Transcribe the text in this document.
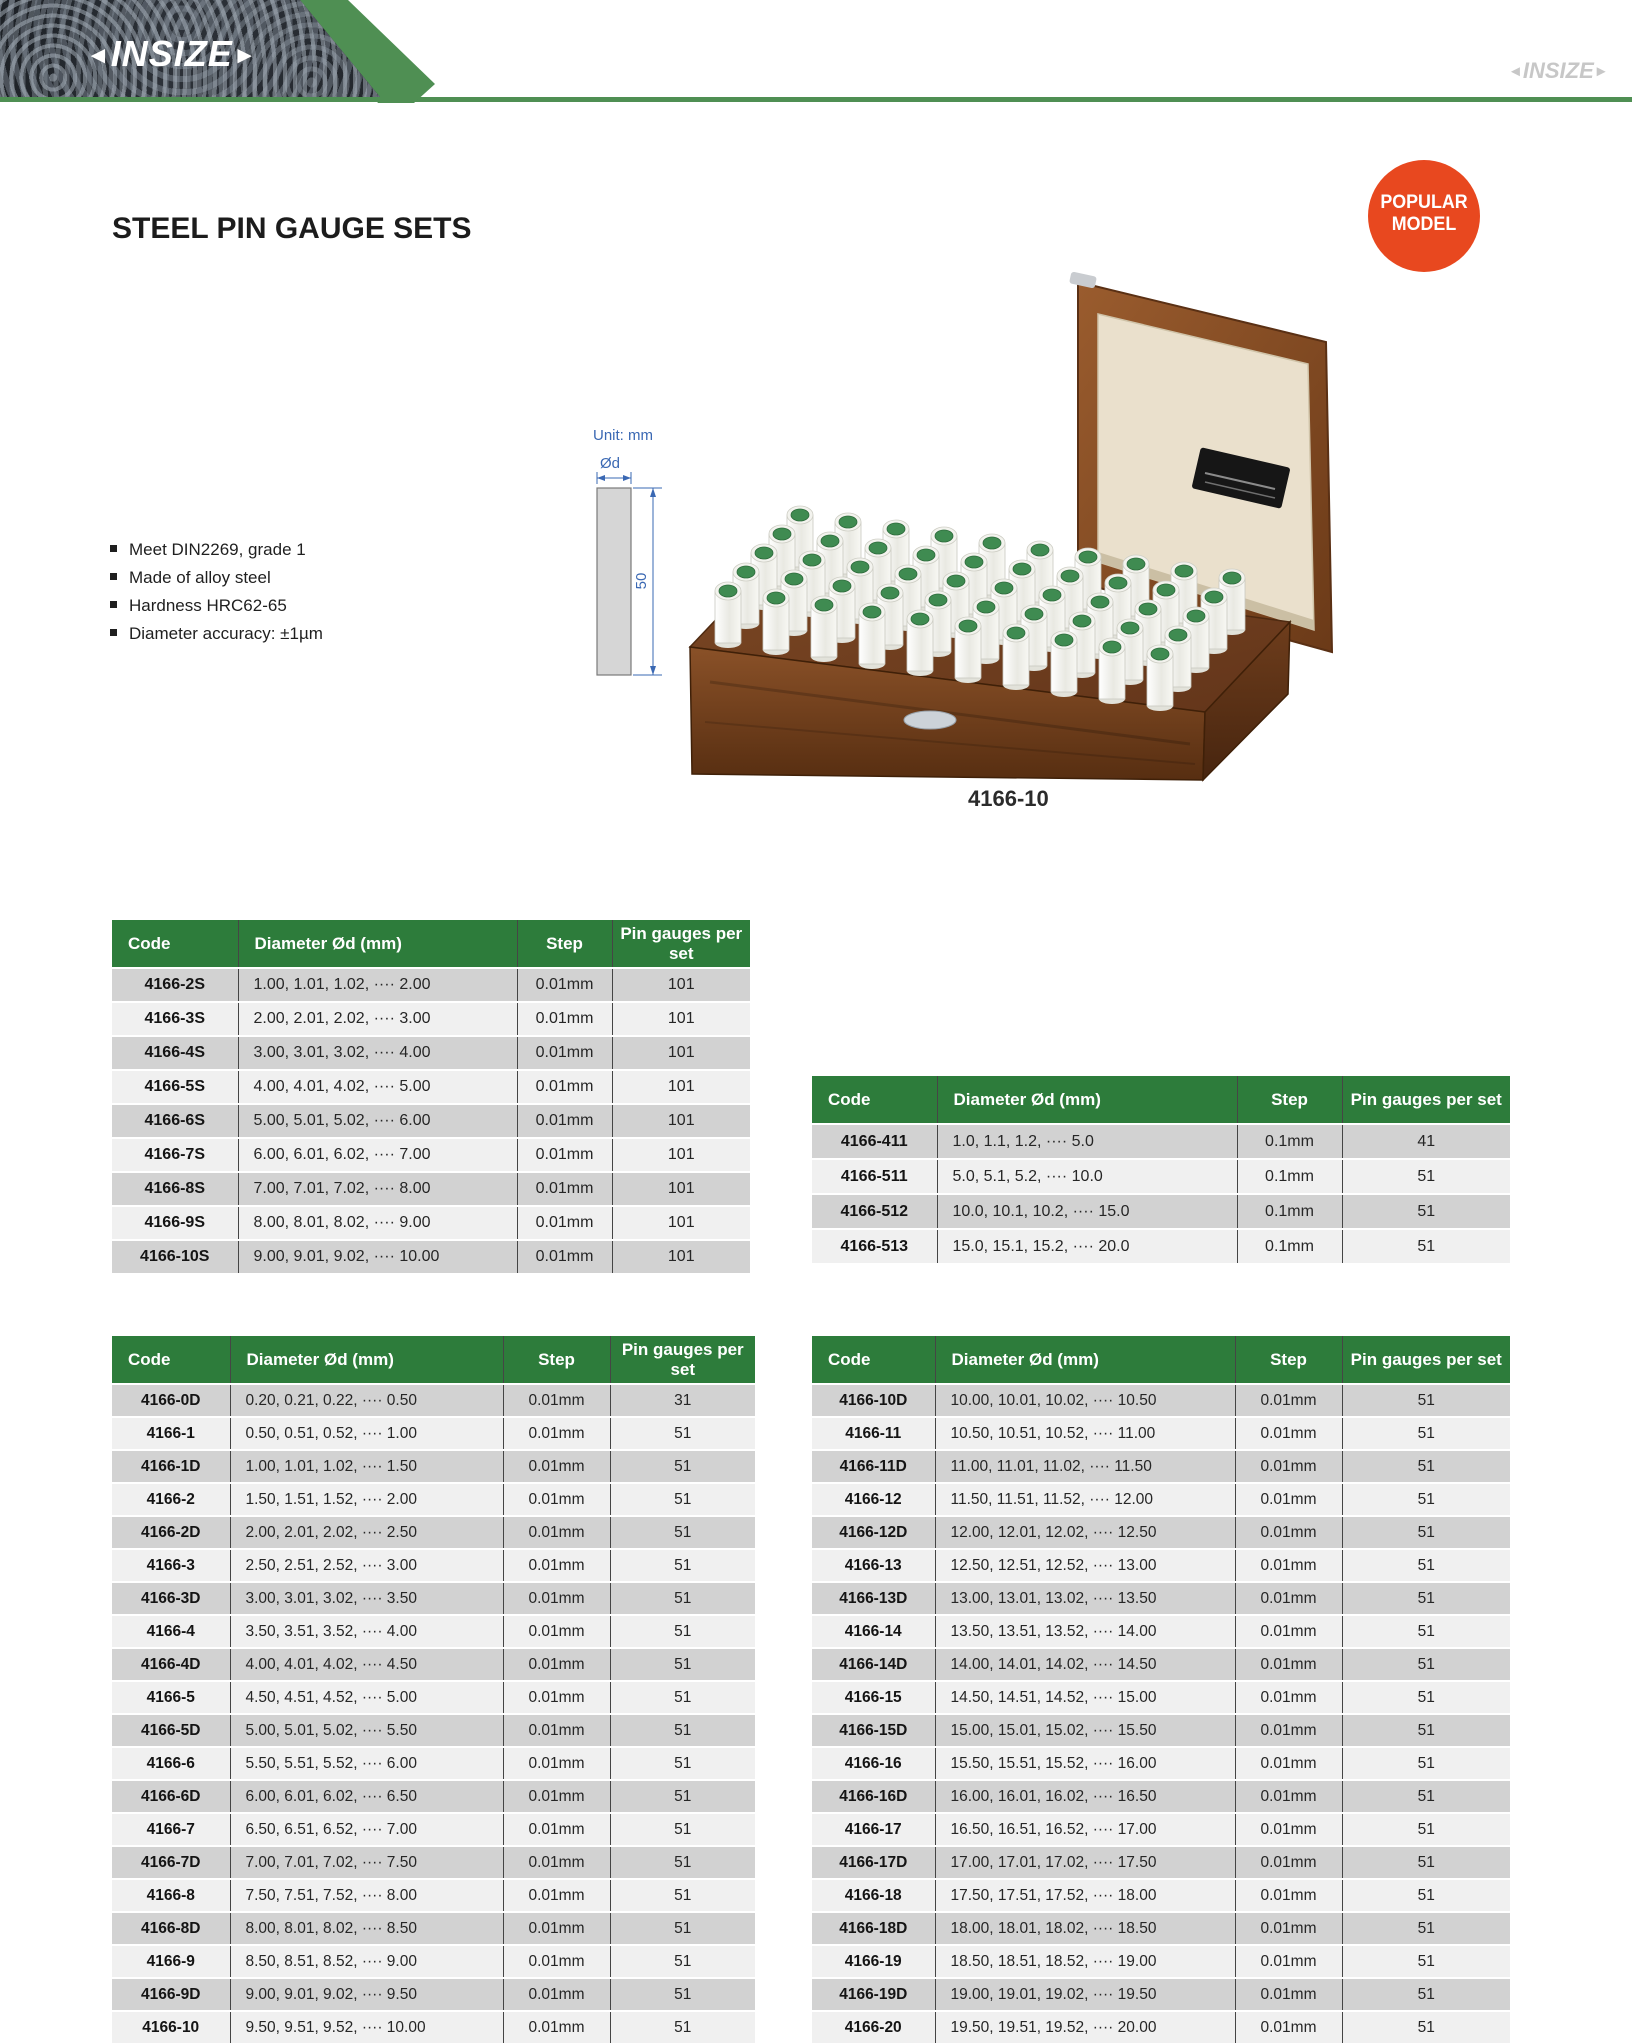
◄INSIZE►
◄INSIZE►
STEEL PIN GAUGE SETS
POPULAR
MODEL
Meet DIN2269, grade 1
Made of alloy steel
Hardness HRC62-65
Diameter accuracy: ±1µm
Unit: mm
Ød
50
4166-10
Code	Diameter Ød (mm)	Step	Pin gauges per set
4166-2S	1.00, 1.01, 1.02, ···· 2.00	0.01mm	101
4166-3S	2.00, 2.01, 2.02, ···· 3.00	0.01mm	101
4166-4S	3.00, 3.01, 3.02, ···· 4.00	0.01mm	101
4166-5S	4.00, 4.01, 4.02, ···· 5.00	0.01mm	101
4166-6S	5.00, 5.01, 5.02, ···· 6.00	0.01mm	101
4166-7S	6.00, 6.01, 6.02, ···· 7.00	0.01mm	101
4166-8S	7.00, 7.01, 7.02, ···· 8.00	0.01mm	101
4166-9S	8.00, 8.01, 8.02, ···· 9.00	0.01mm	101
4166-10S	9.00, 9.01, 9.02, ···· 10.00	0.01mm	101
Code	Diameter Ød (mm)	Step	Pin gauges per set
4166-411	1.0, 1.1, 1.2, ···· 5.0	0.1mm	41
4166-511	5.0, 5.1, 5.2, ···· 10.0	0.1mm	51
4166-512	10.0, 10.1, 10.2, ···· 15.0	0.1mm	51
4166-513	15.0, 15.1, 15.2, ···· 20.0	0.1mm	51
Code	Diameter Ød (mm)	Step	Pin gauges per set
4166-0D	0.20, 0.21, 0.22, ···· 0.50	0.01mm	31
4166-1	0.50, 0.51, 0.52, ···· 1.00	0.01mm	51
4166-1D	1.00, 1.01, 1.02, ···· 1.50	0.01mm	51
4166-2	1.50, 1.51, 1.52, ···· 2.00	0.01mm	51
4166-2D	2.00, 2.01, 2.02, ···· 2.50	0.01mm	51
4166-3	2.50, 2.51, 2.52, ···· 3.00	0.01mm	51
4166-3D	3.00, 3.01, 3.02, ···· 3.50	0.01mm	51
4166-4	3.50, 3.51, 3.52, ···· 4.00	0.01mm	51
4166-4D	4.00, 4.01, 4.02, ···· 4.50	0.01mm	51
4166-5	4.50, 4.51, 4.52, ···· 5.00	0.01mm	51
4166-5D	5.00, 5.01, 5.02, ···· 5.50	0.01mm	51
4166-6	5.50, 5.51, 5.52, ···· 6.00	0.01mm	51
4166-6D	6.00, 6.01, 6.02, ···· 6.50	0.01mm	51
4166-7	6.50, 6.51, 6.52, ···· 7.00	0.01mm	51
4166-7D	7.00, 7.01, 7.02, ···· 7.50	0.01mm	51
4166-8	7.50, 7.51, 7.52, ···· 8.00	0.01mm	51
4166-8D	8.00, 8.01, 8.02, ···· 8.50	0.01mm	51
4166-9	8.50, 8.51, 8.52, ···· 9.00	0.01mm	51
4166-9D	9.00, 9.01, 9.02, ···· 9.50	0.01mm	51
4166-10	9.50, 9.51, 9.52, ···· 10.00	0.01mm	51
Code	Diameter Ød (mm)	Step	Pin gauges per set
4166-10D	10.00, 10.01, 10.02, ···· 10.50	0.01mm	51
4166-11	10.50, 10.51, 10.52, ···· 11.00	0.01mm	51
4166-11D	11.00, 11.01, 11.02, ···· 11.50	0.01mm	51
4166-12	11.50, 11.51, 11.52, ···· 12.00	0.01mm	51
4166-12D	12.00, 12.01, 12.02, ···· 12.50	0.01mm	51
4166-13	12.50, 12.51, 12.52, ···· 13.00	0.01mm	51
4166-13D	13.00, 13.01, 13.02, ···· 13.50	0.01mm	51
4166-14	13.50, 13.51, 13.52, ···· 14.00	0.01mm	51
4166-14D	14.00, 14.01, 14.02, ···· 14.50	0.01mm	51
4166-15	14.50, 14.51, 14.52, ···· 15.00	0.01mm	51
4166-15D	15.00, 15.01, 15.02, ···· 15.50	0.01mm	51
4166-16	15.50, 15.51, 15.52, ···· 16.00	0.01mm	51
4166-16D	16.00, 16.01, 16.02, ···· 16.50	0.01mm	51
4166-17	16.50, 16.51, 16.52, ···· 17.00	0.01mm	51
4166-17D	17.00, 17.01, 17.02, ···· 17.50	0.01mm	51
4166-18	17.50, 17.51, 17.52, ···· 18.00	0.01mm	51
4166-18D	18.00, 18.01, 18.02, ···· 18.50	0.01mm	51
4166-19	18.50, 18.51, 18.52, ···· 19.00	0.01mm	51
4166-19D	19.00, 19.01, 19.02, ···· 19.50	0.01mm	51
4166-20	19.50, 19.51, 19.52, ···· 20.00	0.01mm	51
